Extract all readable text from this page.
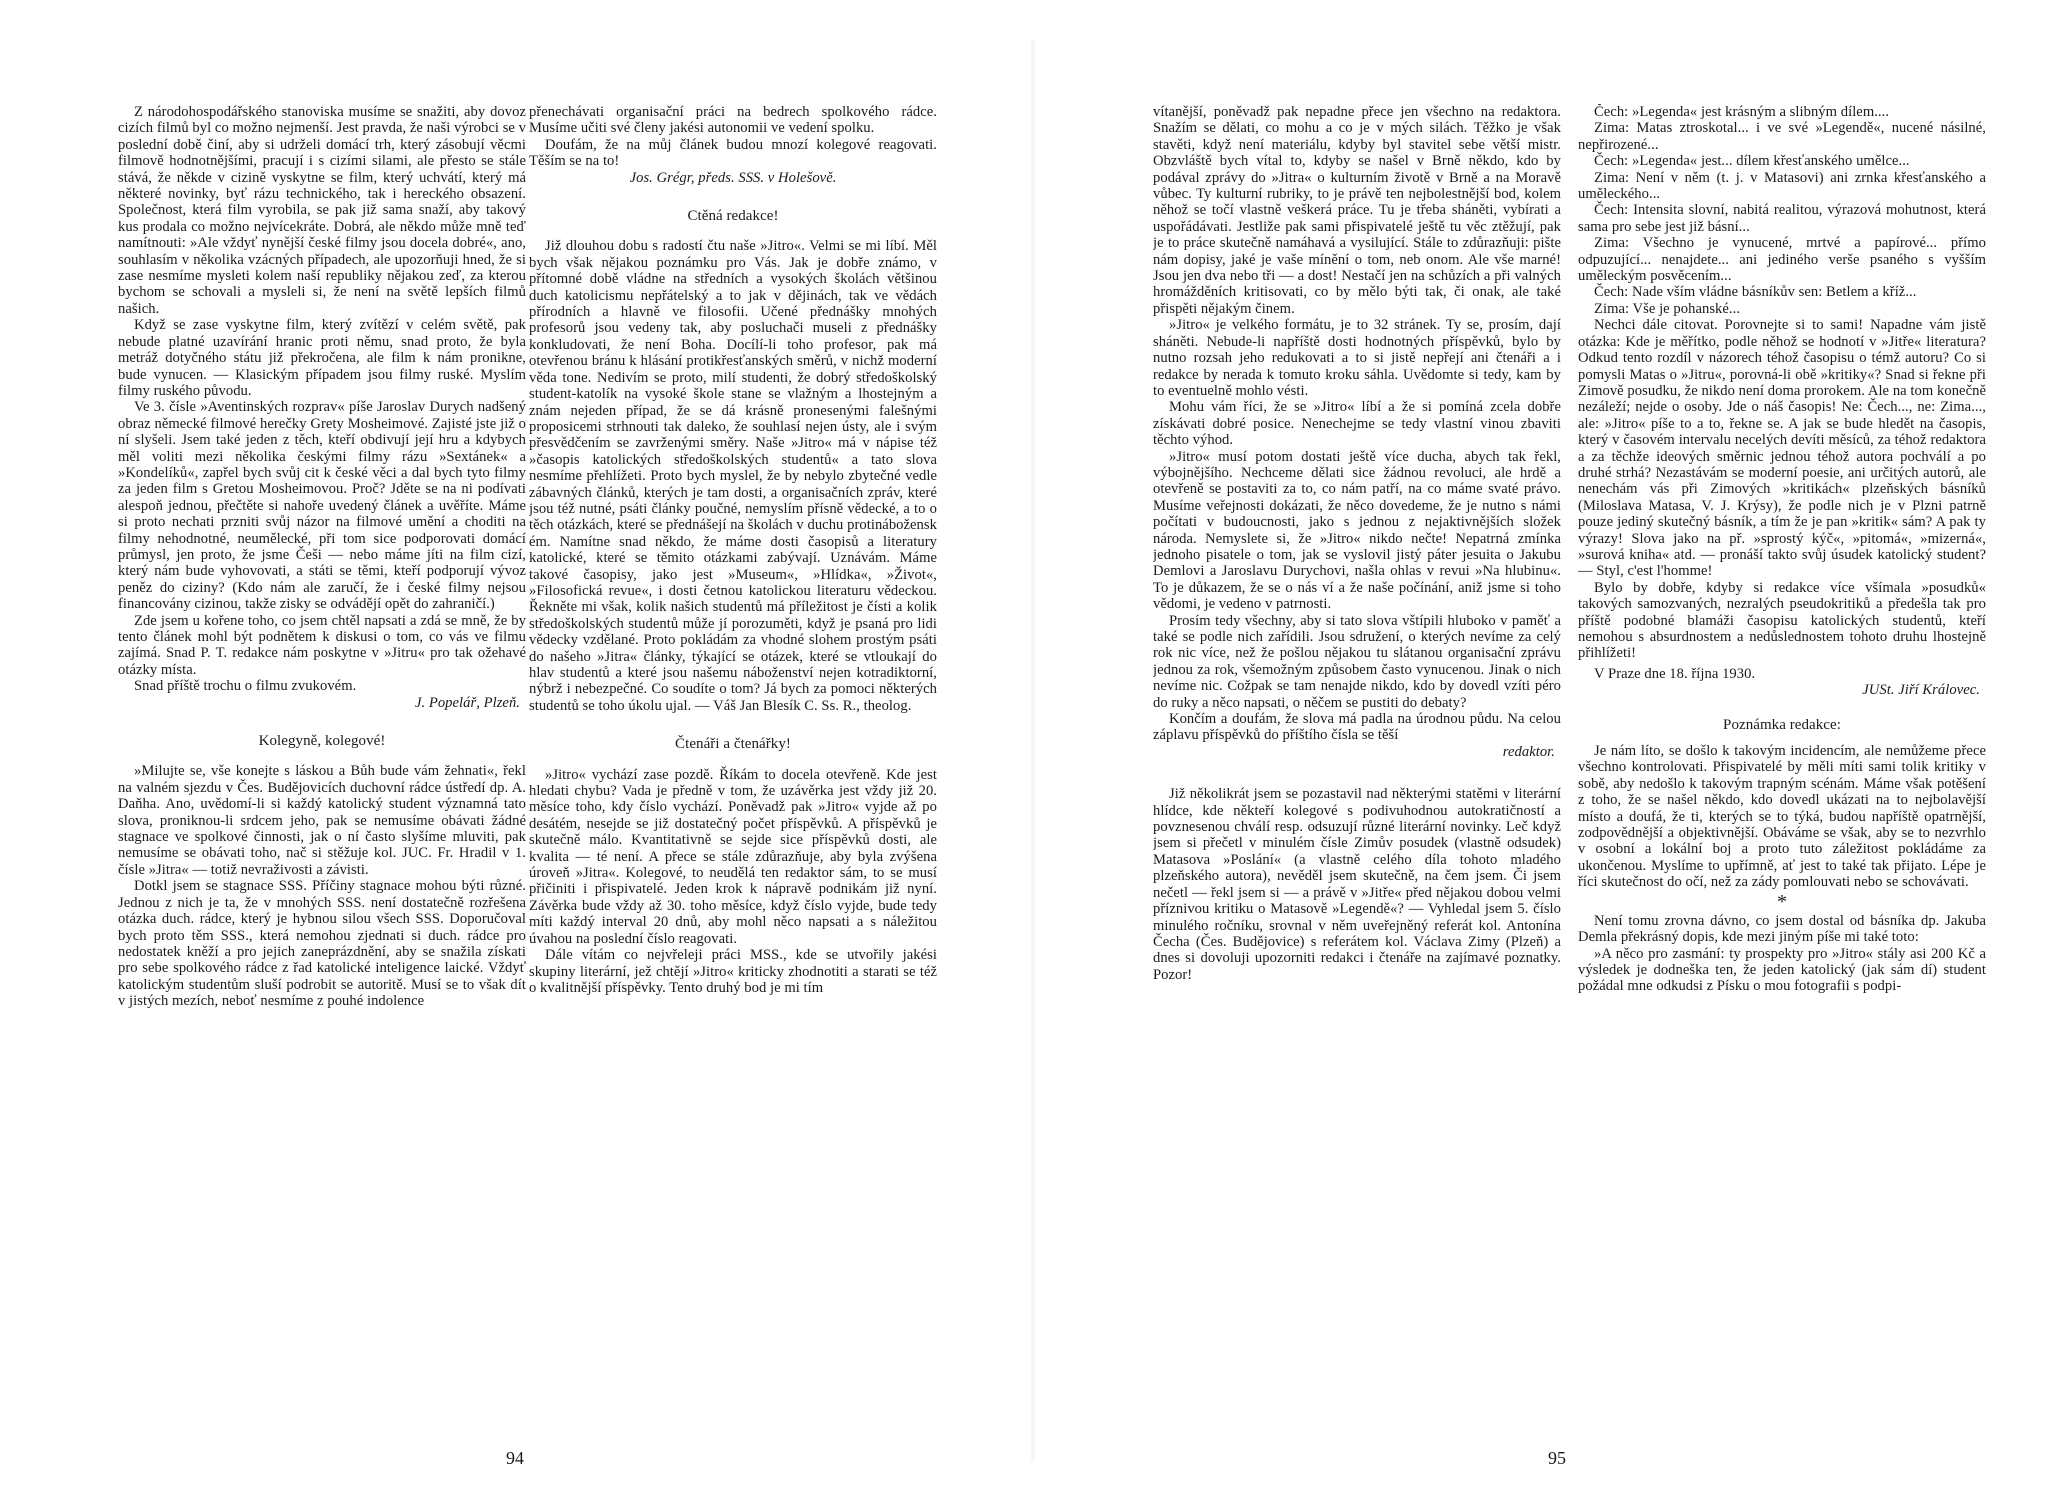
Z národohospodářského stanoviska musíme se snažiti, aby dovoz cizích filmů byl co možno nejmenší. Jest pravda, že naši výrobci se v poslední době činí, aby si udrželi domácí trh, který zásobují věcmi filmově hodnotnějšími, pracují i s cizími silami, ale přesto se stále stává, že někde v cizině vyskytne se film, který uchvátí, který má některé novinky, byť rázu technického, tak i hereckého obsazení. Společnost, která film vyrobila, se pak již sama snaží, aby takový kus prodala co možno nejvícekráte. Dobrá, ale někdo může mně teď namítnouti: »Ale vždyť nynější české filmy jsou docela dobré«, ano, souhlasím v několika vzácných případech, ale upozorňuji hned, že si zase nesmíme mysleti kolem naší republiky nějakou zeď, za kterou bychom se schovali a mysleli si, že není na světě lepších filmů našich.

Když se zase vyskytne film, který zvítězí v celém světě, pak nebude platné uzavírání hranic proti němu, snad proto, že byla metráž dotyčného státu již překročena, ale film k nám pronikne, bude vynucen. — Klasickým případem jsou filmy ruské. Myslím filmy ruského původu.

Ve 3. čísle »Aventinských rozprav« píše Jaroslav Durych nadšený obraz německé filmové herečky Grety Mosheimové. Zajisté jste již o ní slyšeli. Jsem také jeden z těch, kteří obdivují její hru a kdybych měl voliti mezi několika českými filmy rázu »Sextánek« a »Kondelíků«, zapřel bych svůj cit k české věci a dal bych tyto filmy za jeden film s Gretou Mosheimovou. Proč? Jděte se na ni podívati alespoň jednou, přečtěte si nahoře uvedený článek a uvěříte. Máme si proto nechati przniti svůj názor na filmové umění a choditi na filmy nehodnotné, neumělecké, při tom sice podporovati domácí průmysl, jen proto, že jsme Češi — nebo máme jíti na film cizí, který nám bude vyhovovati, a státi se těmi, kteří podporují vývoz peněz do ciziny? (Kdo nám ale zaručí, že i české filmy nejsou financovány cizinou, takže zisky se odvádějí opět do zahraničí.)

Zde jsem u kořene toho, co jsem chtěl napsati a zdá se mně, že by tento článek mohl být podnětem k diskusi o tom, co vás ve filmu zajímá. Snad P. T. redakce nám poskytne v »Jitru« pro tak ožehavé otázky místa.

Snad příště trochu o filmu zvukovém.

J. Popelář, Plzeň.

Kolegyně, kolegové!

»Milujte se, vše konejte s láskou a Bůh bude vám žehnati«, řekl na valném sjezdu v Čes. Budějovicích duchovní rádce ústředí dp. A. Daňha. Ano, uvědomí-li si každý katolický student významná tato slova, proniknou-li srdcem jeho, pak se nemusíme obávati žádné stagnace ve spolkové činnosti, jak o ní často slyšíme mluviti, pak nemusíme se obávati toho, nač si stěžuje kol. JUC. Fr. Hradil v 1. čísle »Jitra« — totiž nevraživosti a závisti.

Dotkl jsem se stagnace SSS. Příčiny stagnace mohou býti různé. Jednou z nich je ta, že v mnohých SSS. není dostatečně rozřešena otázka duch. rádce, který je hybnou silou všech SSS. Doporučoval bych proto těm SSS., která nemohou zjednati si duch. rádce pro nedostatek kněží a pro jejich zaneprázdnění, aby se snažila získati pro sebe spolkového rádce z řad katolické inteligence laické. Vždyť katolickým studentům sluší podrobit se autoritě. Musí se to však dít v jistých mezích, neboť nesmíme z pouhé indolence

přenechávati organisační práci na bedrech spolkového rádce. Musíme učiti své členy jakési autonomii ve vedení spolku.

Doufám, že na můj článek budou mnozí kolegové reagovati. Těším se na to!

Jos. Grégr, předs. SSS. v Holešově.

Ctěná redakce!

Již dlouhou dobu s radostí čtu naše »Jitro«. Velmi se mi líbí. Měl bych však nějakou poznámku pro Vás. Jak je dobře známo, v přítomné době vládne na středních a vysokých školách většinou duch katolicismu nepřátelský a to jak v dějinách, tak ve vědách přírodních a hlavně ve filosofii. Učené přednášky mnohých profesorů jsou vedeny tak, aby posluchači museli z přednášky konkludovati, že není Boha. Docílí-li toho profesor, pak má otevřenou bránu k hlásání protikřesťanských směrů, v nichž moderní věda tone. Nedivím se proto, milí studenti, že dobrý středoškolský student-katolík na vysoké škole stane se vlažným a lhostejným a znám nejeden případ, že se dá krásně pronesenými falešnými proposicemi strhnouti tak daleko, že souhlasí nejen ústy, ale i svým přesvědčením se zavrženými směry. Naše »Jitro« má v nápise též »časopis katolických středoškolských studentů« a tato slova nesmíme přehlížeti. Proto bych myslel, že by nebylo zbytečné vedle zábavných článků, kterých je tam dosti, a organisačních zpráv, které jsou též nutné, psáti články poučné, nemyslím přísně vědecké, a to o těch otázkách, které se přednášejí na školách v duchu protinábožensk ém. Namítne snad někdo, že máme dosti časopisů a literatury katolické, které se těmito otázkami zabývají. Uznávám. Máme takové časopisy, jako jest »Museum«, »Hlídka«, »Život«, »Filosofická revue«, i dosti četnou katolickou literaturu vědeckou. Řekněte mi však, kolik našich studentů má příležitost je čísti a kolik středoškolských studentů může jí porozuměti, když je psaná pro lidi vědecky vzdělané. Proto pokládám za vhodné slohem prostým psáti do našeho »Jitra« články, týkající se otázek, které se vtloukají do hlav studentů a které jsou našemu náboženství nejen kotradiktorní, nýbrž i nebezpečné. Co soudíte o tom? Já bych za pomoci některých studentů se toho úkolu ujal. — Váš Jan Blesík C. Ss. R., theolog.

Čtenáři a čtenářky!

»Jitro« vychází zase pozdě. Říkám to docela otevřeně. Kde jest hledati chybu? Vada je předně v tom, že uzávěrka jest vždy již 20. měsíce toho, kdy číslo vychází. Poněvadž pak »Jitro« vyjde až po desátém, nesejde se již dostatečný počet příspěvků. A příspěvků je skutečně málo. Kvantitativně se sejde sice příspěvků dosti, ale kvalita — té není. A přece se stále zdůrazňuje, aby byla zvýšena úroveň »Jitra«. Kolegové, to neudělá ten redaktor sám, to se musí přičiniti i přispivatelé. Jeden krok k nápravě podnikám již nyní. Závěrka bude vždy až 30. toho měsíce, když číslo vyjde, bude tedy míti každý interval 20 dnů, aby mohl něco napsati a s náležitou úvahou na poslední číslo reagovati.

Dále vítám co nejvřeleji práci MSS., kde se utvořily jakési skupiny literární, jež chtějí »Jitro« kriticky zhodnotiti a starati se též o kvalitnější příspěvky. Tento druhý bod je mi tím

94

vítanější, poněvadž pak nepadne přece jen všechno na redaktora. Snažím se dělati, co mohu a co je v mých silách. Těžko je však stavěti, když není materiálu, kdyby byl stavitel sebe větší mistr. Obzvláště bych vítal to, kdyby se našel v Brně někdo, kdo by podával zprávy do »Jitra« o kulturním životě v Brně a na Moravě vůbec. Ty kulturní rubriky, to je právě ten nejbolestnější bod, kolem něhož se točí vlastně veškerá práce. Tu je třeba sháněti, vybírati a uspořádávati. Jestliže pak sami přispivatelé ještě tu věc ztěžují, pak je to práce skutečně namáhavá a vysilující. Stále to zdůrazňuji: pište nám dopisy, jaké je vaše mínění o tom, neb onom. Ale vše marné! Jsou jen dva nebo tři — a dost! Nestačí jen na schůzích a při valných hromážděních kritisovati, co by mělo býti tak, či onak, ale také přispěti nějakým činem.

»Jitro« je velkého formátu, je to 32 stránek. Ty se, prosím, dají sháněti. Nebude-li napříště dosti hodnotných příspěvků, bylo by nutno rozsah jeho redukovati a to si jistě nepřejí ani čtenáři a i redakce by nerada k tomuto kroku sáhla. Uvědomte si tedy, kam by to eventuelně mohlo vésti.

Mohu vám říci, že se »Jitro« líbí a že si pomíná zcela dobře získávati dobré posice. Nenechejme se tedy vlastní vinou zbaviti těchto výhod.

»Jitro« musí potom dostati ještě více ducha, abych tak řekl, výbojnějšího. Nechceme dělati sice žádnou revoluci, ale hrdě a otevřeně se postaviti za to, co nám patří, na co máme svaté právo. Musíme veřejnosti dokázati, že něco dovedeme, že je nutno s námi počítati v budoucnosti, jako s jednou z nejaktivnějších složek národa. Nemyslete si, že »Jitro« nikdo nečte! Nepatrná zmínka jednoho pisatele o tom, jak se vyslovil jistý páter jesuita o Jakubu Demlovi a Jaroslavu Durychovi, našla ohlas v revui »Na hlubinu«. To je důkazem, že se o nás ví a že naše počínání, aniž jsme si toho vědomi, je vedeno v patrnosti.

Prosím tedy všechny, aby si tato slova vštípili hluboko v paměť a také se podle nich zařídili. Jsou sdružení, o kterých nevíme za celý rok nic více, než že pošlou nějakou tu slátanou organisační zprávu jednou za rok, všemožným způsobem často vynucenou. Jinak o nich nevíme nic. Cožpak se tam nenajde nikdo, kdo by dovedl vzíti péro do ruky a něco napsati, o něčem se pustiti do debaty?

Končím a doufám, že slova má padla na úrodnou půdu. Na celou záplavu příspěvků do příštího čísla se těší

redaktor.

Již několikrát jsem se pozastavil nad některými statěmi v literární hlídce, kde někteří kolegové s podivuhodnou autokratičností a povznesenou chválí resp. odsuzují různé literární novinky. Leč když jsem si přečetl v minulém čísle Zimův posudek (vlastně odsudek) Matasova »Poslání« (a vlastně celého díla tohoto mladého plzeňského autora), nevěděl jsem skutečně, na čem jsem. Či jsem nečetl — řekl jsem si — a právě v »Jitře« před nějakou dobou velmi příznivou kritiku o Matasově »Legendě«? — Vyhledal jsem 5. číslo minulého ročníku, srovnal v něm uveřejněný referát kol. Antonína Čecha (Čes. Budějovice) s referátem kol. Václava Zimy (Plzeň) a dnes si dovoluji upozorniti redakci i čtenáře na zajímavé poznatky. Pozor!

Čech: »Legenda« jest krásným a slibným dílem....

Zima: Matas ztroskotal... i ve své »Legendě«, nucené násilné, nepřirozené...

Čech: »Legenda« jest... dílem křesťanského umělce...

Zima: Není v něm (t. j. v Matasovi) ani zrnka křesťanského a uměleckého...

Čech: Intensita slovní, nabitá realitou, výrazová mohutnost, která sama pro sebe jest již básní...

Zima: Všechno je vynucené, mrtvé a papírové... přímo odpuzující... nenajdete... ani jediného verše psaného s vyšším uměleckým posvěcením...

Čech: Nade vším vládne básníkův sen: Betlem a kříž...

Zima: Vše je pohanské...

Nechci dále citovat. Porovnejte si to sami! Napadne vám jistě otázka: Kde je měřítko, podle něhož se hodnotí v »Jitře« literatura? Odkud tento rozdíl v názorech téhož časopisu o témž autoru? Co si pomysli Matas o »Jitru«, porovná-li obě »kritiky«? Snad si řekne při Zimově posudku, že nikdo není doma prorokem. Ale na tom konečně nezáleží; nejde o osoby. Jde o náš časopis! Ne: Čech..., ne: Zima..., ale: »Jitro« píše to a to, řekne se. A jak se bude hledět na časopis, který v časovém intervalu necelých devíti měsíců, za téhož redaktora a za těchže ideových směrnic jednou téhož autora pochválí a po druhé strhá? Nezastávám se moderní poesie, ani určitých autorů, ale nenechám vás při Zimových »kritikách« plzeňských básníků (Miloslava Matasa, V. J. Krýsy), že podle nich je v Plzni patrně pouze jediný skutečný básník, a tím že je pan »kritik« sám? A pak ty výrazy! Slova jako na př. »sprostý kýč«, »pitomá«, »mizerná«, »surová kniha« atd. — pronáší takto svůj úsudek katolický student? — Styl, c'est l'homme!

Bylo by dobře, kdyby si redakce více všímala »posudků« takových samozvaných, nezralých pseudokritiků a předešla tak pro příště podobné blamáži časopisu katolických studentů, kteří nemohou s absurdnostem a nedůslednostem tohoto druhu lhostejně přihlížeti!

V Praze dne 18. října 1930.

JUSt. Jiří Královec.

Poznámka redakce:

Je nám líto, se došlo k takovým incidencím, ale nemůžeme přece všechno kontrolovati. Přispivatelé by měli míti sami tolik kritiky v sobě, aby nedošlo k takovým trapným scénám. Máme však potěšení z toho, že se našel někdo, kdo dovedl ukázati na to nejbolavější místo a doufá, že ti, kterých se to týká, budou napříště opatrnější, zodpovědnější a objektivnější. Obáváme se však, aby se to nezvrhlo v osobní a lokální boj a proto tuto záležitost pokládáme za ukončenou. Myslíme to upřímně, ať jest to také tak přijato. Lépe je říci skutečnost do očí, než za zády pomlouvati nebo se schovávati.

*

Není tomu zrovna dávno, co jsem dostal od básníka dp. Jakuba Demla překrásný dopis, kde mezi jiným píše mi také toto:

»A něco pro zasmání: ty prospekty pro »Jitro« stály asi 200 Kč a výsledek je dodneška ten, že jeden katolický (jak sám dí) student požádal mne odkudsi z Písku o mou fotografii s podpi-

95
